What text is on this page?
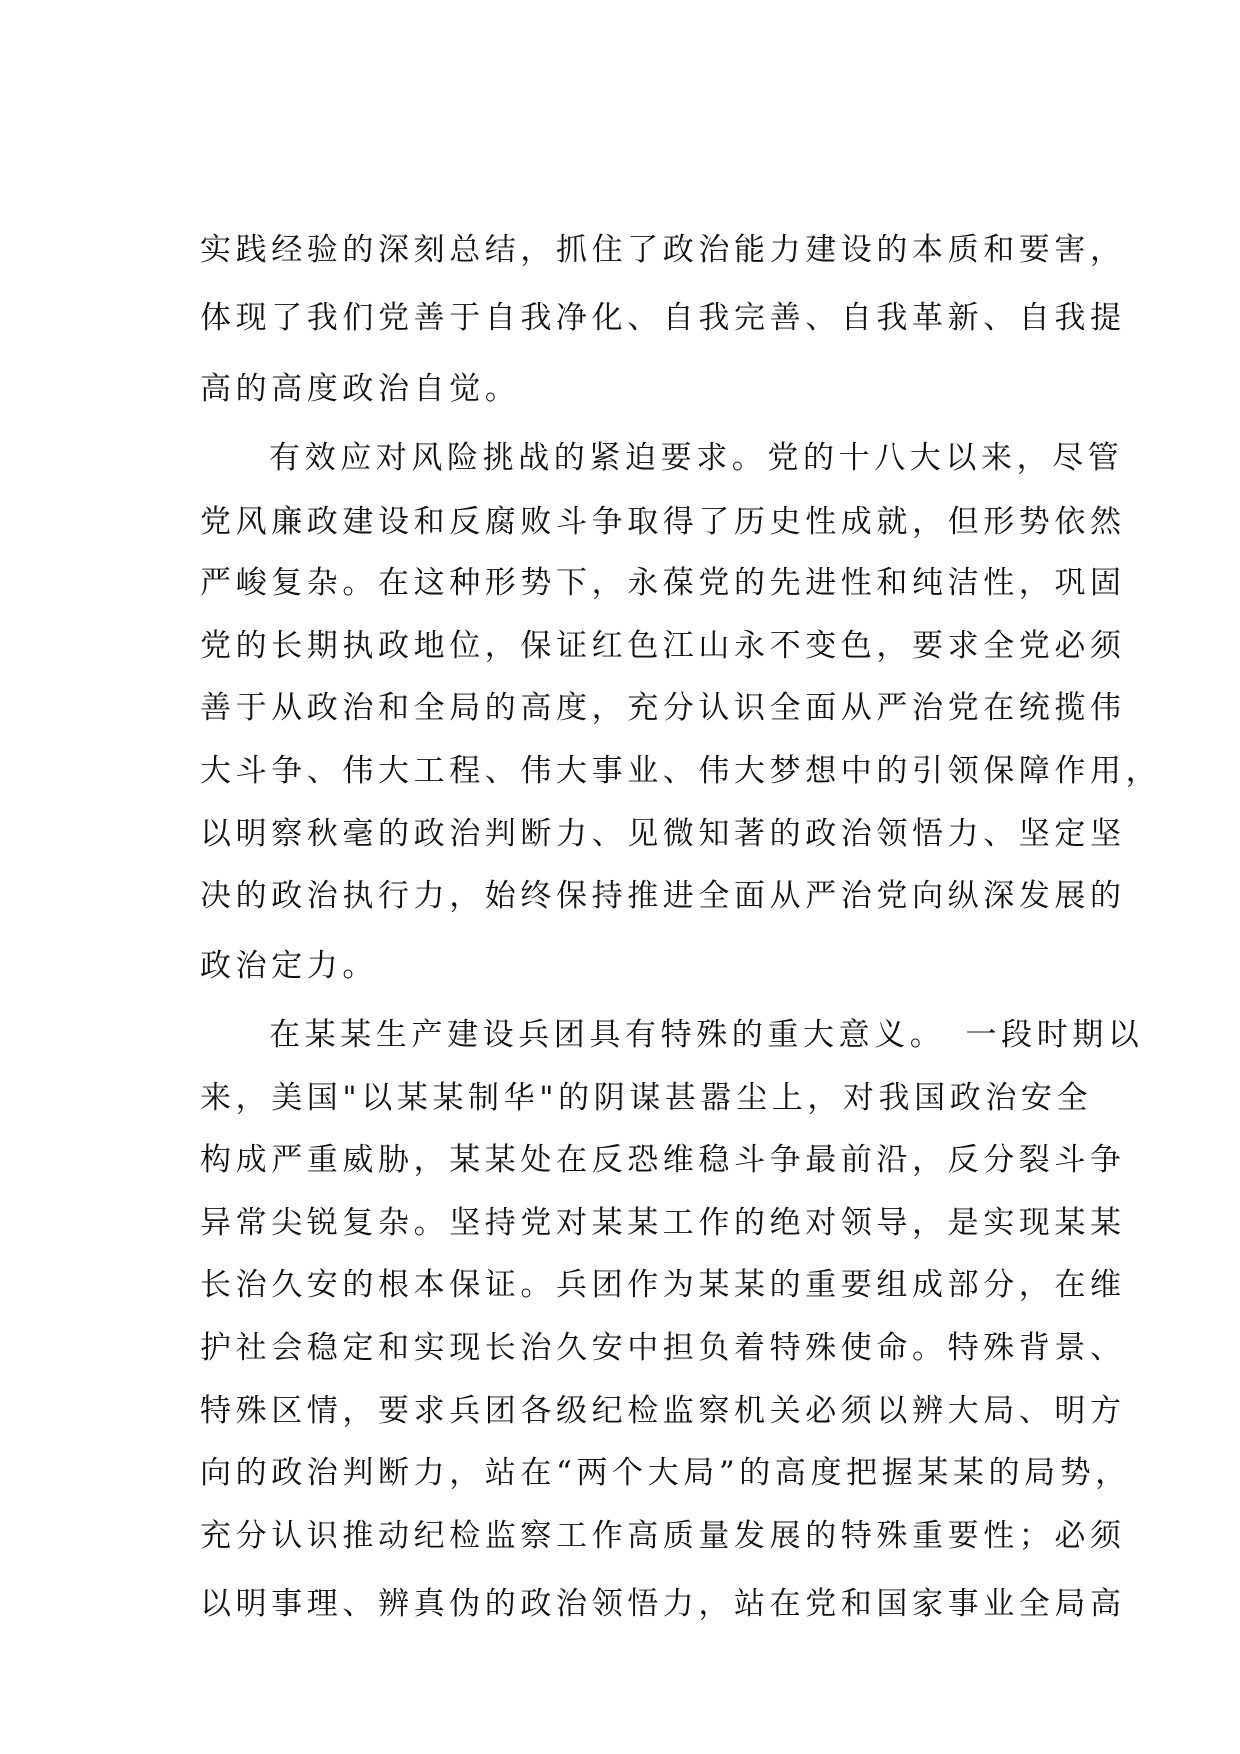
实践经验的深刻总结，抓住了政治能力建设的本质和要害，
体现了我们党善于自我净化、自我完善、自我革新、自我提
高的高度政治自觉。
有效应对风险挑战的紧迫要求。党的十八大以来，尽管
党风廉政建设和反腐败斗争取得了历史性成就，但形势依然
严峻复杂。在这种形势下，永葆党的先进性和纯洁性，巩固
党的长期执政地位，保证红色江山永不变色，要求全党必须
善于从政治和全局的高度，充分认识全面从严治党在统揽伟
大斗争、伟大工程、伟大事业、伟大梦想中的引领保障作用，
以明察秋毫的政治判断力、见微知著的政治领悟力、坚定坚
决的政治执行力，始终保持推进全面从严治党向纵深发展的
政治定力。
在某某生产建设兵团具有特殊的重大意义。　一段时期以
来，美国"以某某制华"的阴谋甚嚣尘上，对我国政治安全
构成严重威胁，某某处在反恐维稳斗争最前沿，反分裂斗争
异常尖锐复杂。坚持党对某某工作的绝对领导，是实现某某
长治久安的根本保证。兵团作为某某的重要组成部分，在维
护社会稳定和实现长治久安中担负着特殊使命。特殊背景、
特殊区情，要求兵团各级纪检监察机关必须以辨大局、明方
向的政治判断力，站在“两个大局”的高度把握某某的局势，
充分认识推动纪检监察工作高质量发展的特殊重要性；必须
以明事理、辨真伪的政治领悟力，站在党和国家事业全局高
